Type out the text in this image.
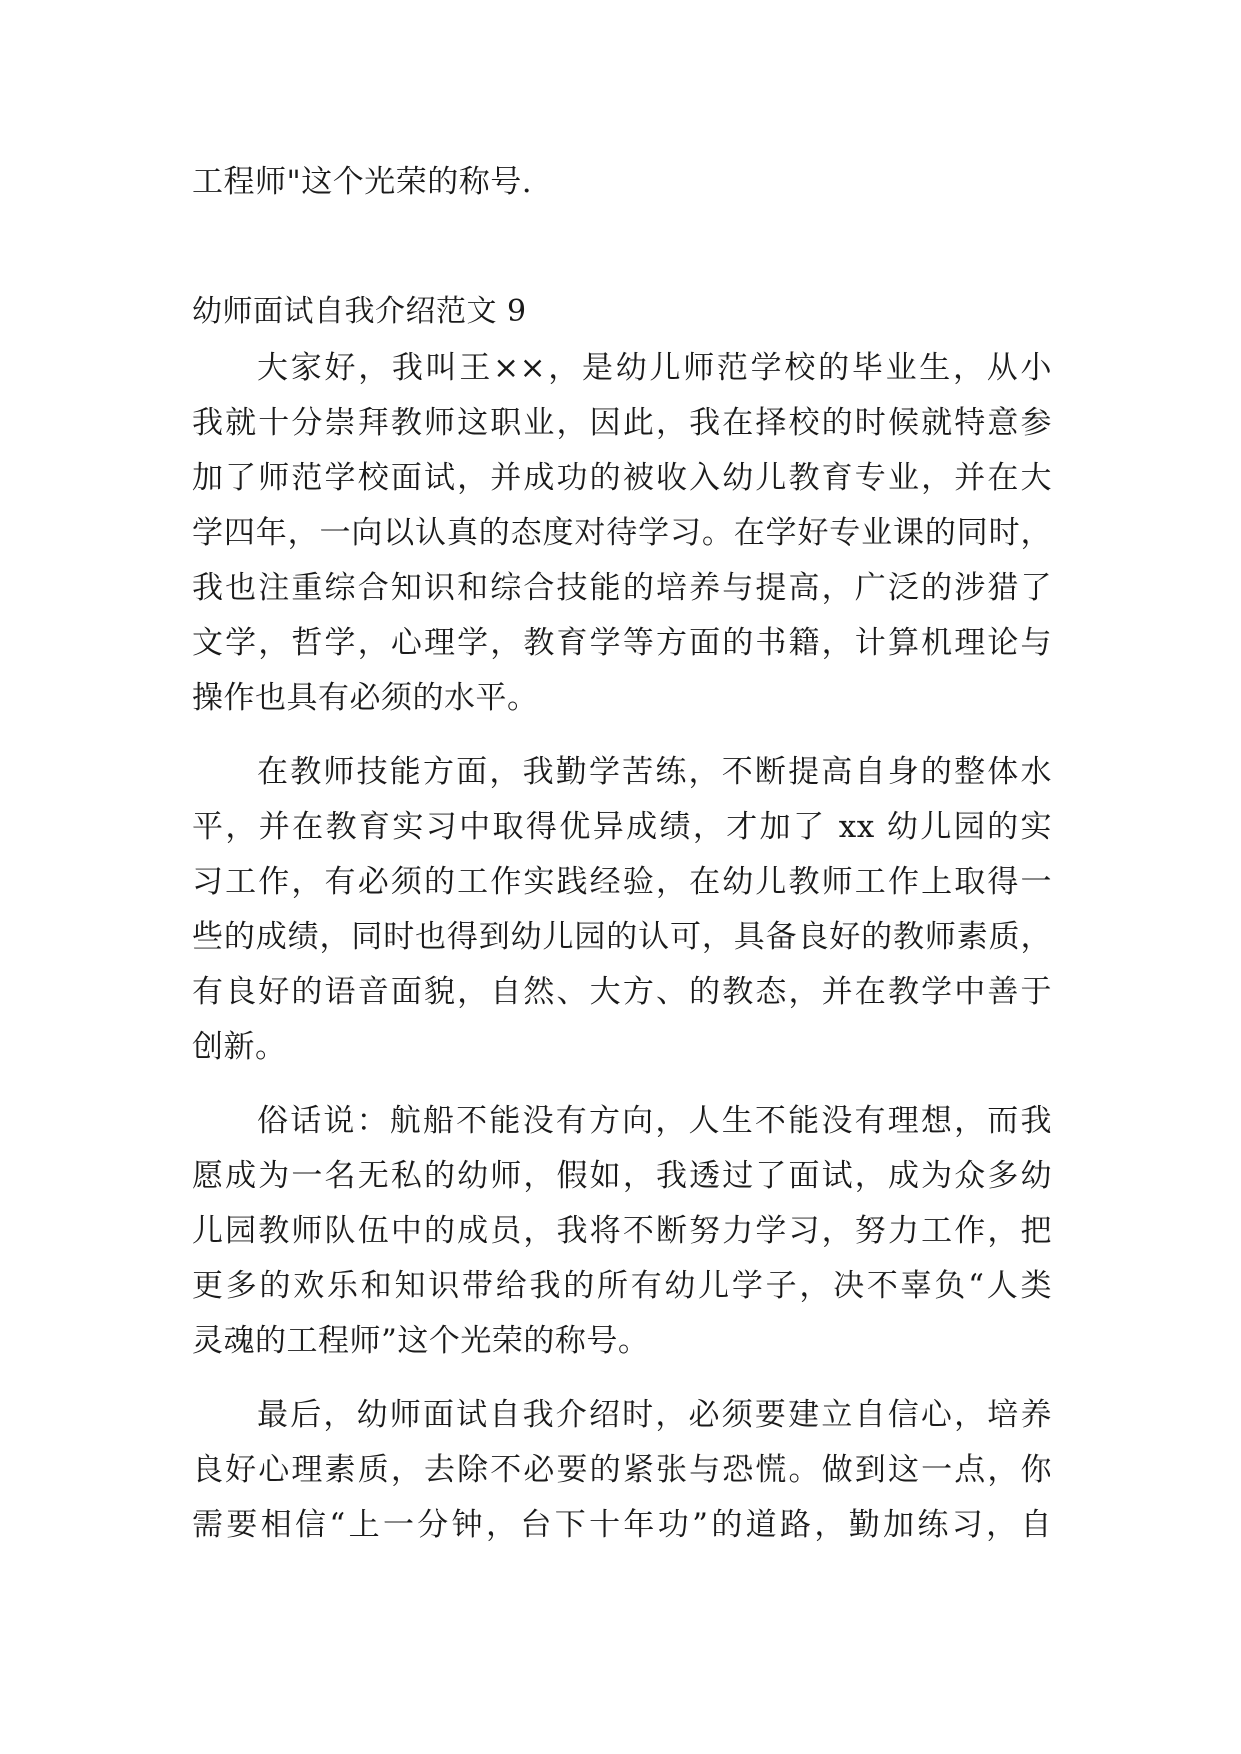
工程师"这个光荣的称号.
幼师面试自我介绍范文 9
大家好，我叫王××，是幼儿师范学校的毕业生，从小
我就十分崇拜教师这职业，因此，我在择校的时候就特意参
加了师范学校面试，并成功的被收入幼儿教育专业，并在大
学四年，一向以认真的态度对待学习。在学好专业课的同时，
我也注重综合知识和综合技能的培养与提高，广泛的涉猎了
文学，哲学，心理学，教育学等方面的书籍，计算机理论与
操作也具有必须的水平。
在教师技能方面，我勤学苦练，不断提高自身的整体水
平，并在教育实习中取得优异成绩，才加了 xx 幼儿园的实
习工作，有必须的工作实践经验，在幼儿教师工作上取得一
些的成绩，同时也得到幼儿园的认可，具备良好的教师素质，
有良好的语音面貌，自然、大方、的教态，并在教学中善于
创新。
俗话说：航船不能没有方向，人生不能没有理想，而我
愿成为一名无私的幼师，假如，我透过了面试，成为众多幼
儿园教师队伍中的成员，我将不断努力学习，努力工作，把
更多的欢乐和知识带给我的所有幼儿学子，决不辜负“人类
灵魂的工程师”这个光荣的称号。
最后，幼师面试自我介绍时，必须要建立自信心，培养
良好心理素质，去除不必要的紧张与恐慌。做到这一点，你
需要相信“上一分钟，台下十年功”的道路，勤加练习，自
